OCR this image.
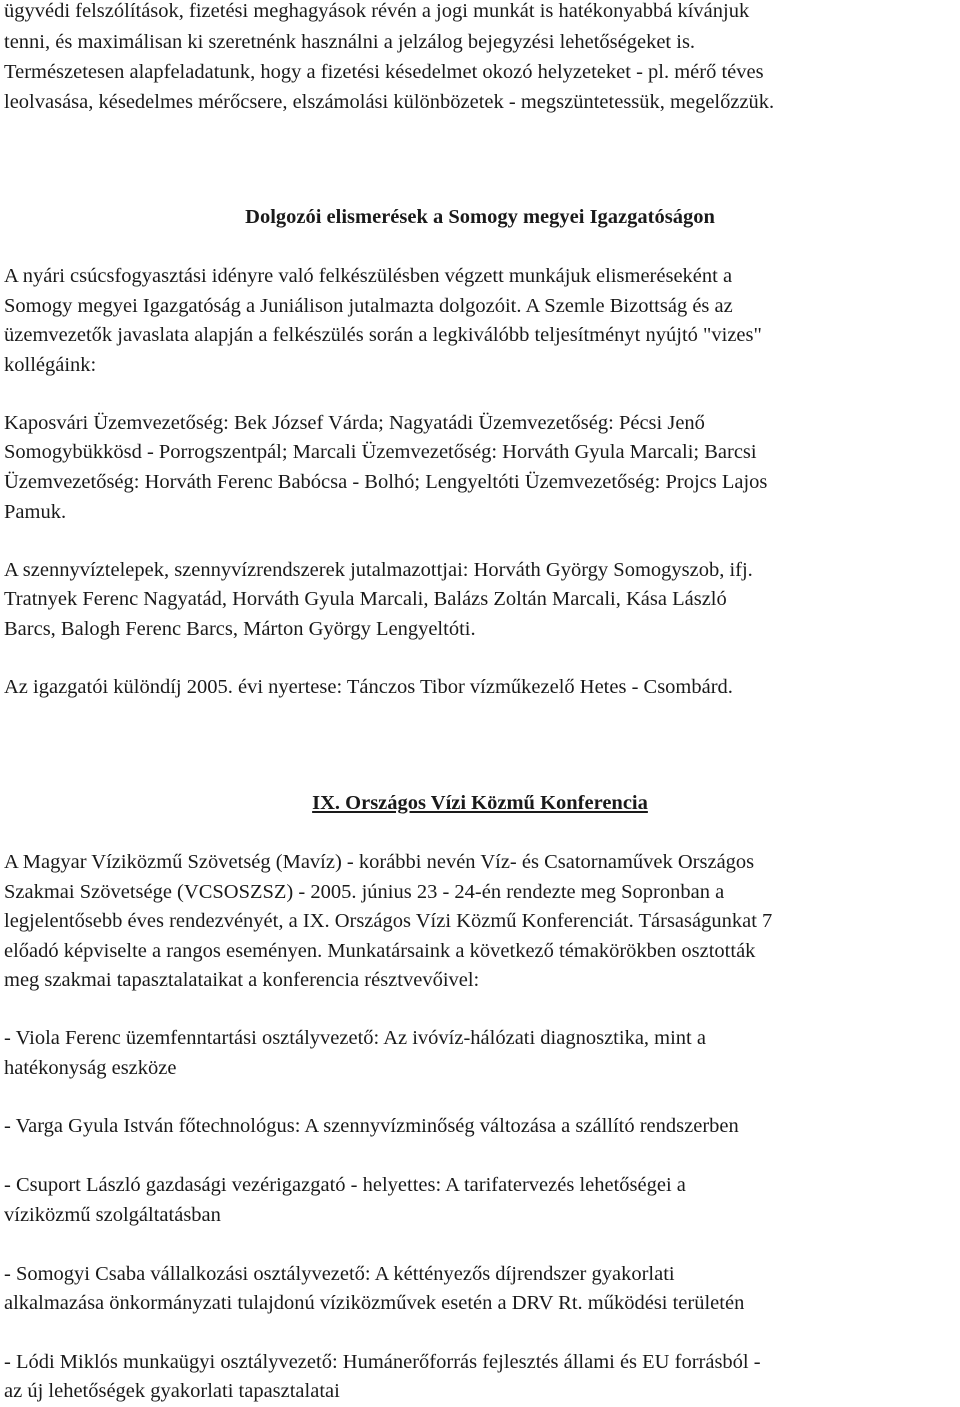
ügyvédi felszólítások, fizetési meghagyások révén a jogi munkát is hatékonyabbá kívánjuk
tenni, és maximálisan ki szeretnénk használni a jelzálog bejegyzési lehetőségeket is.
Természetesen alapfeladatunk, hogy a fizetési késedelmet okozó helyzeteket - pl. mérő téves
leolvasása, késedelmes mérőcsere, elszámolási különbözetek - megszüntetessük, megelőzzük.
Dolgozói elismerések a Somogy megyei Igazgatóságon
A nyári csúcsfogyasztási idényre való felkészülésben végzett munkájuk elismeréseként a
Somogy megyei Igazgatóság a Juniálison jutalmazta dolgozóit. A Szemle Bizottság és az
üzemvezetők javaslata alapján a felkészülés során a legkiválóbb teljesítményt nyújtó "vizes"
kollégáink:
Kaposvári Üzemvezetőség: Bek József Várda; Nagyatádi Üzemvezetőség: Pécsi Jenő
Somogybükkösd - Porrogszentpál; Marcali Üzemvezetőség: Horváth Gyula Marcali; Barcsi
Üzemvezetőség: Horváth Ferenc Babócsa - Bolhó; Lengyeltóti Üzemvezetőség: Projcs Lajos
Pamuk.
A szennyvíztelepek, szennyvízrendszerek jutalmazottjai: Horváth György Somogyszob, ifj.
Tratnyek Ferenc Nagyatád, Horváth Gyula Marcali, Balázs Zoltán Marcali, Kása László
Barcs, Balogh Ferenc Barcs, Márton György Lengyeltóti.
Az igazgatói különdíj 2005. évi nyertese: Tánczos Tibor vízműkezelő Hetes - Csombárd.
IX. Országos Vízi Közmű Konferencia
A Magyar Víziközmű Szövetség (Mavíz) - korábbi nevén Víz- és Csatornaművek Országos
Szakmai Szövetsége (VCSOSZSZ) - 2005. június 23 - 24-én rendezte meg Sopronban a
legjelentősebb éves rendezvényét, a IX. Országos Vízi Közmű Konferenciát. Társaságunkat 7
előadó képviselte a rangos eseményen. Munkatársaink a következő témakörökben osztották
meg szakmai tapasztalataikat a konferencia résztvevőivel:
- Viola Ferenc üzemfenntartási osztályvezető: Az ivóvíz-hálózati diagnosztika, mint a
hatékonyság eszköze
- Varga Gyula István főtechnológus: A szennyvízminőség változása a szállító rendszerben
- Csuport László gazdasági vezérigazgató - helyettes: A tarifatervezés lehetőségei a
víziközmű szolgáltatásban
- Somogyi Csaba vállalkozási osztályvezető: A kéttényezős díjrendszer gyakorlati
alkalmazása önkormányzati tulajdonú víziközművek esetén a DRV Rt. működési területén
- Lódi Miklós munkaügyi osztályvezető: Humánerőforrás fejlesztés állami és EU forrásból -
az új lehetőségek gyakorlati tapasztalatai
